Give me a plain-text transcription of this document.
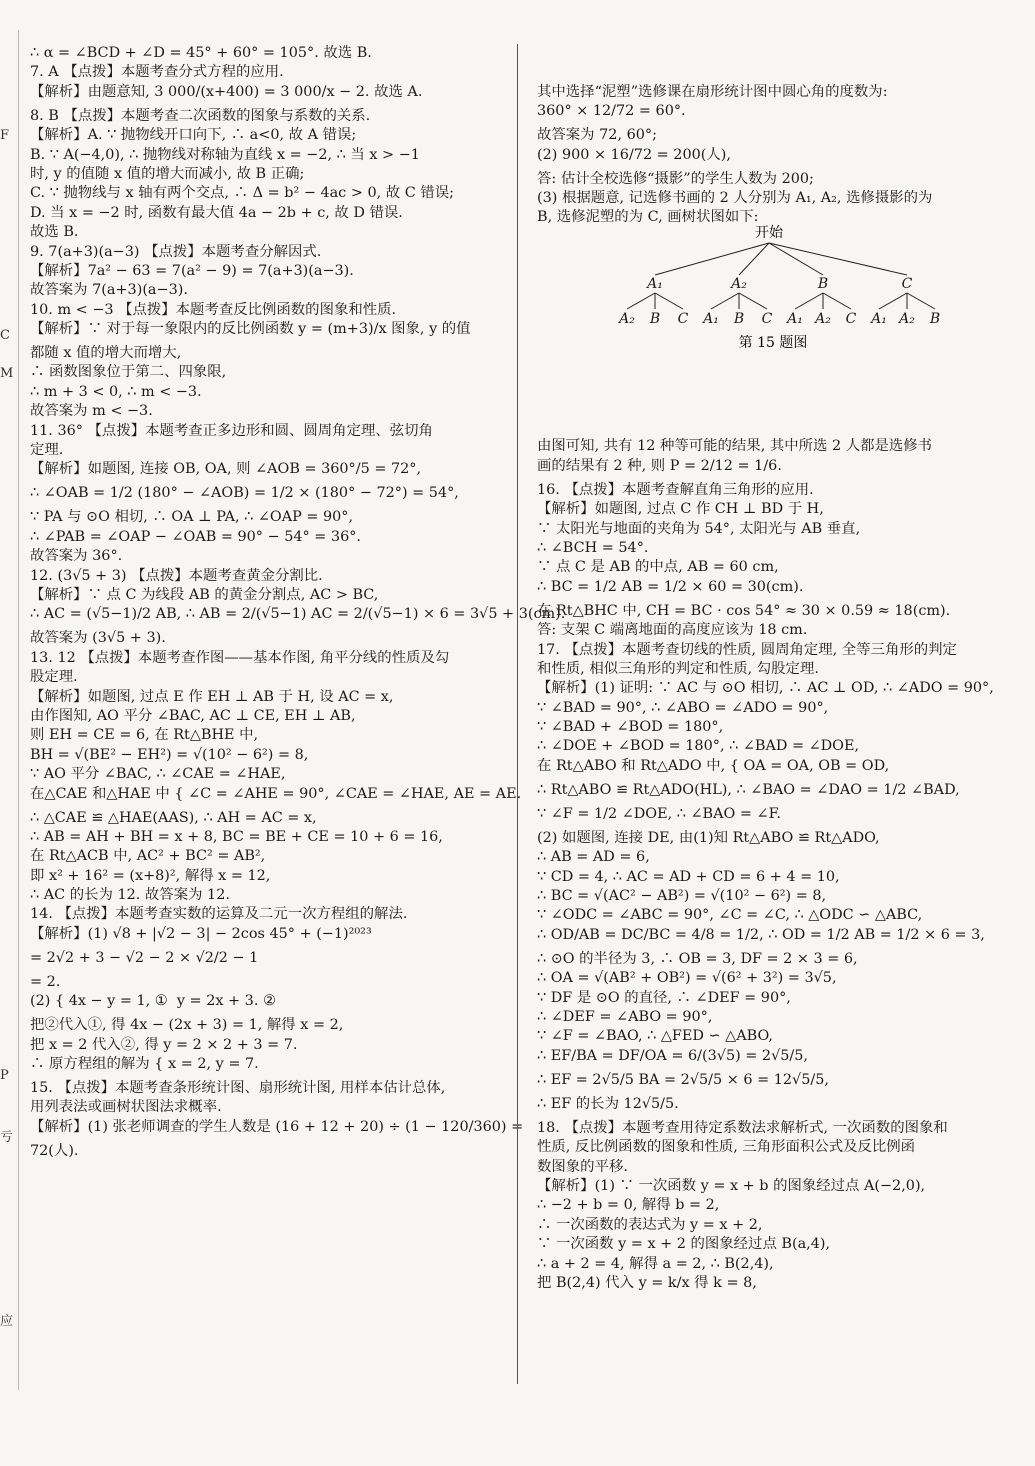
F
C
M
P
亏
应
∴ α = ∠BCD + ∠D = 45° + 60° = 105°. 故选 B.
7. A 【点拨】本题考查分式方程的应用.
【解析】由题意知, 3 000/(x+400) = 3 000/x − 2. 故选 A.
8. B 【点拨】本题考查二次函数的图象与系数的关系.
【解析】A. ∵ 抛物线开口向下, ∴ a<0, 故 A 错误;
B. ∵ A(−4,0), ∴ 抛物线对称轴为直线 x = −2, ∴ 当 x > −1
时, y 的值随 x 值的增大而减小, 故 B 正确;
C. ∵ 抛物线与 x 轴有两个交点, ∴ Δ = b² − 4ac > 0, 故 C 错误;
D. 当 x = −2 时, 函数有最大值 4a − 2b + c, 故 D 错误.
故选 B.
9. 7(a+3)(a−3) 【点拨】本题考查分解因式.
【解析】7a² − 63 = 7(a² − 9) = 7(a+3)(a−3).
故答案为 7(a+3)(a−3).
10. m < −3 【点拨】本题考查反比例函数的图象和性质.
【解析】∵ 对于每一象限内的反比例函数 y = (m+3)/x 图象, y 的值
都随 x 值的增大而增大,
∴ 函数图象位于第二、四象限,
∴ m + 3 < 0, ∴ m < −3.
故答案为 m < −3.
11. 36° 【点拨】本题考查正多边形和圆、圆周角定理、弦切角
定理.
【解析】如题图, 连接 OB, OA, 则 ∠AOB = 360°/5 = 72°,
∴ ∠OAB = 1/2 (180° − ∠AOB) = 1/2 × (180° − 72°) = 54°,
∵ PA 与 ⊙O 相切, ∴ OA ⊥ PA, ∴ ∠OAP = 90°,
∴ ∠PAB = ∠OAP − ∠OAB = 90° − 54° = 36°.
故答案为 36°.
12. (3√5 + 3) 【点拨】本题考查黄金分割比.
【解析】∵ 点 C 为线段 AB 的黄金分割点, AC > BC,
∴ AC = (√5−1)/2 AB, ∴ AB = 2/(√5−1) AC = 2/(√5−1) × 6 = 3√5 + 3(cm).
故答案为 (3√5 + 3).
13. 12 【点拨】本题考查作图——基本作图, 角平分线的性质及勾
股定理.
【解析】如题图, 过点 E 作 EH ⊥ AB 于 H, 设 AC = x,
由作图知, AO 平分 ∠BAC, AC ⊥ CE, EH ⊥ AB,
则 EH = CE = 6, 在 Rt△BHE 中,
BH = √(BE² − EH²) = √(10² − 6²) = 8,
∵ AO 平分 ∠BAC, ∴ ∠CAE = ∠HAE,
在△CAE 和△HAE 中 { ∠C = ∠AHE = 90°, ∠CAE = ∠HAE, AE = AE.
∴ △CAE ≌ △HAE(AAS), ∴ AH = AC = x,
∴ AB = AH + BH = x + 8, BC = BE + CE = 10 + 6 = 16,
在 Rt△ACB 中, AC² + BC² = AB²,
即 x² + 16² = (x+8)², 解得 x = 12,
∴ AC 的长为 12. 故答案为 12.
14. 【点拨】本题考查实数的运算及二元一次方程组的解法.
【解析】(1) √8 + |√2 − 3| − 2cos 45° + (−1)²⁰²³
= 2√2 + 3 − √2 − 2 × √2/2 − 1
= 2.
(2) { 4x − y = 1, ①  y = 2x + 3. ②
把②代入①, 得 4x − (2x + 3) = 1, 解得 x = 2,
把 x = 2 代入②, 得 y = 2 × 2 + 3 = 7.
∴ 原方程组的解为 { x = 2, y = 7.
15. 【点拨】本题考查条形统计图、扇形统计图, 用样本估计总体,
用列表法或画树状图法求概率.
【解析】(1) 张老师调查的学生人数是 (16 + 12 + 20) ÷ (1 − 120/360) =
72(人).

其中选择“泥塑”选修课在扇形统计图中圆心角的度数为:
360° × 12/72 = 60°.
故答案为 72, 60°;
(2) 900 × 16/72 = 200(人),
答: 估计全校选修“摄影”的学生人数为 200;
(3) 根据题意, 记选修书画的 2 人分别为 A₁, A₂, 选修摄影的为
B, 选修泥塑的为 C, 画树状图如下:

由图可知, 共有 12 种等可能的结果, 其中所选 2 人都是选修书
画的结果有 2 种, 则 P = 2/12 = 1/6.
16. 【点拨】本题考查解直角三角形的应用.
【解析】如题图, 过点 C 作 CH ⊥ BD 于 H,
∵ 太阳光与地面的夹角为 54°, 太阳光与 AB 垂直,
∴ ∠BCH = 54°.
∵ 点 C 是 AB 的中点, AB = 60 cm,
∴ BC = 1/2 AB = 1/2 × 60 = 30(cm).
在 Rt△BHC 中, CH = BC · cos 54° ≈ 30 × 0.59 ≈ 18(cm).
答: 支架 C 端离地面的高度应该为 18 cm.
17. 【点拨】本题考查切线的性质, 圆周角定理, 全等三角形的判定
和性质, 相似三角形的判定和性质, 勾股定理.
【解析】(1) 证明: ∵ AC 与 ⊙O 相切, ∴ AC ⊥ OD, ∴ ∠ADO = 90°,
∵ ∠BAD = 90°, ∴ ∠ABO = ∠ADO = 90°,
∵ ∠BAD + ∠BOD = 180°,
∴ ∠DOE + ∠BOD = 180°, ∴ ∠BAD = ∠DOE,
在 Rt△ABO 和 Rt△ADO 中, { OA = OA, OB = OD,
∴ Rt△ABO ≌ Rt△ADO(HL), ∴ ∠BAO = ∠DAO = 1/2 ∠BAD,
∵ ∠F = 1/2 ∠DOE, ∴ ∠BAO = ∠F.
(2) 如题图, 连接 DE, 由(1)知 Rt△ABO ≌ Rt△ADO,
∴ AB = AD = 6,
∵ CD = 4, ∴ AC = AD + CD = 6 + 4 = 10,
∴ BC = √(AC² − AB²) = √(10² − 6²) = 8,
∵ ∠ODC = ∠ABC = 90°, ∠C = ∠C, ∴ △ODC ∽ △ABC,
∴ OD/AB = DC/BC = 4/8 = 1/2, ∴ OD = 1/2 AB = 1/2 × 6 = 3,
∴ ⊙O 的半径为 3, ∴ OB = 3, DF = 2 × 3 = 6,
∴ OA = √(AB² + OB²) = √(6² + 3²) = 3√5,
∵ DF 是 ⊙O 的直径, ∴ ∠DEF = 90°,
∴ ∠DEF = ∠ABO = 90°,
∵ ∠F = ∠BAO, ∴ △FED ∽ △ABO,
∴ EF/BA = DF/OA = 6/(3√5) = 2√5/5,
∴ EF = 2√5/5 BA = 2√5/5 × 6 = 12√5/5,
∴ EF 的长为 12√5/5.
18. 【点拨】本题考查用待定系数法求解析式, 一次函数的图象和
性质, 反比例函数的图象和性质, 三角形面积公式及反比例函
数图象的平移.
【解析】(1) ∵ 一次函数 y = x + b 的图象经过点 A(−2,0),
∴ −2 + b = 0, 解得 b = 2,
∴ 一次函数的表达式为 y = x + 2,
∵ 一次函数 y = x + 2 的图象经过点 B(a,4),
∴ a + 2 = 4, 解得 a = 2, ∴ B(2,4),
把 B(2,4) 代入 y = k/x 得 k = 8,

开始
A₁
A₂ B C
A₂
A₁ B C
B
A₁ A₂ C
C
A₁ A₂ B
第 15 题图
